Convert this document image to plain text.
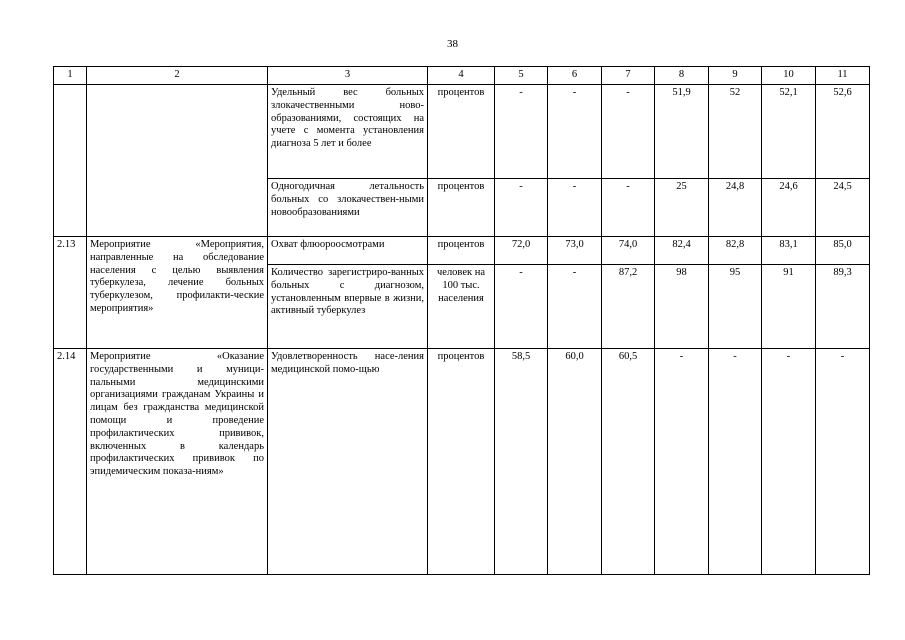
38
1	2	3	4	5	6	7	8	9	10	11
		Удельный вес больных злокачественными ново-образованиями, состоящих на учете с момента установления диагноза 5 лет и более	процентов	-	-	-	51,9	52	52,1	52,6
		Одногодичная летальность больных со злокачествен-ными новообразованиями	процентов	-	-	-	25	24,8	24,6	24,5
2.13	Мероприятие «Мероприятия, направленные на обследование населения с целью выявления туберкулеза, лечение больных туберкулезом, профилакти-ческие мероприятия»	Охват флюороосмотрами	процентов	72,0	73,0	74,0	82,4	82,8	83,1	85,0
		Количество зарегистриро-ванных больных с диагнозом, установленным впервые в жизни, активный туберкулез	человек на 100 тыс. населения	-	-	87,2	98	95	91	89,3
2.14	Мероприятие «Оказание государственными и муници-пальными медицинскими организациями гражданам Украины и лицам без гражданства медицинской помощи и проведение профилактических прививок, включенных в календарь профилактических прививок по эпидемическим показа-ниям»	Удовлетворенность насе-ления медицинской помо-щью	процентов	58,5	60,0	60,5	-	-	-	-
